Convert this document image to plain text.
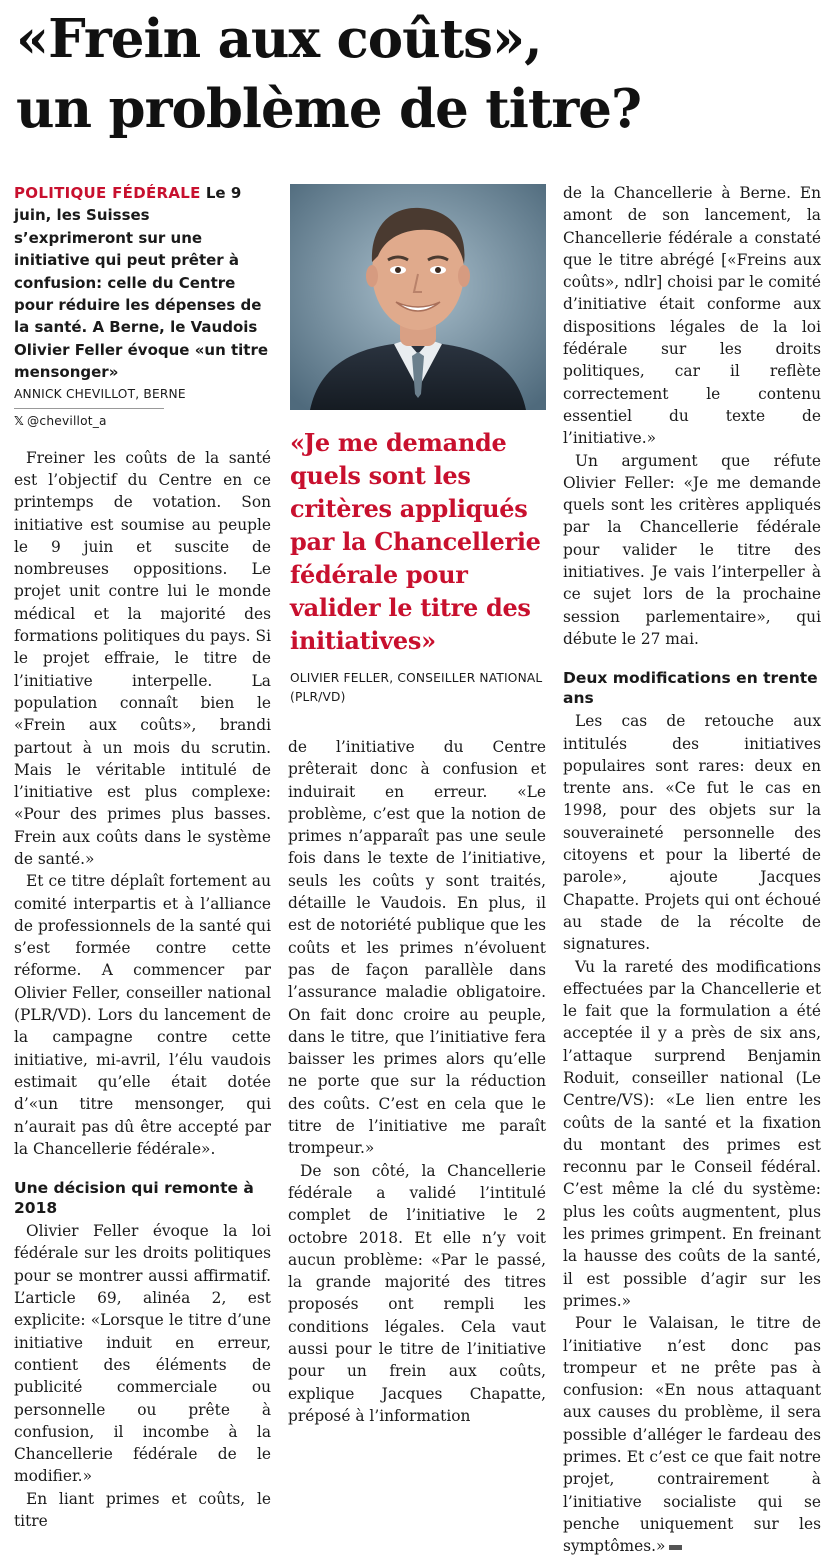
«Frein aux coûts»,
un problème de titre?

POLITIQUE FÉDÉRALE Le 9 juin, les Suisses s’exprimeront sur une initiative qui peut prêter à confusion: celle du Centre pour réduire les dépenses de la santé. A Berne, le Vaudois Olivier Feller évoque «un titre mensonger»

ANNICK CHEVILLOT, BERNE
𝕏 @chevillot_a

Freiner les coûts de la santé est l’objectif du Centre en ce printemps de votation. Son initiative est soumise au peuple le 9 juin et suscite de nombreuses oppositions. Le projet unit contre lui le monde médical et la majorité des formations politiques du pays. Si le projet effraie, le titre de l’initiative interpelle. La population connaît bien le «Frein aux coûts», brandi partout à un mois du scrutin. Mais le véritable intitulé de l’initiative est plus complexe: «Pour des primes plus basses. Frein aux coûts dans le système de santé.»

Et ce titre déplaît fortement au comité interpartis et à l’alliance de professionnels de la santé qui s’est formée contre cette réforme. A commencer par Olivier Feller, conseiller national (PLR/VD). Lors du lancement de la campagne contre cette initiative, mi-avril, l’élu vaudois estimait qu’elle était dotée d’«un titre mensonger, qui n’aurait pas dû être accepté par la Chancellerie fédérale».

Une décision qui remonte à 2018

Olivier Feller évoque la loi fédérale sur les droits politiques pour se montrer aussi affirmatif. L’article 69, alinéa 2, est explicite: «Lorsque le titre d’une initiative induit en erreur, contient des éléments de publicité commerciale ou personnelle ou prête à confusion, il incombe à la Chancellerie fédérale de le modifier.»

En liant primes et coûts, le titre

«Je me demande quels sont les critères appliqués par la Chancellerie fédérale pour valider le titre des initiatives»

OLIVIER FELLER, CONSEILLER NATIONAL (PLR/VD)

de l’initiative du Centre prêterait donc à confusion et induirait en erreur. «Le problème, c’est que la notion de primes n’apparaît pas une seule fois dans le texte de l’initiative, seuls les coûts y sont traités, détaille le Vaudois. En plus, il est de notoriété publique que les coûts et les primes n’évoluent pas de façon parallèle dans l’assurance maladie obligatoire. On fait donc croire au peuple, dans le titre, que l’initiative fera baisser les primes alors qu’elle ne porte que sur la réduction des coûts. C’est en cela que le titre de l’initiative me paraît trompeur.»

De son côté, la Chancellerie fédérale a validé l’intitulé complet de l’initiative le 2 octobre 2018. Et elle n’y voit aucun problème: «Par le passé, la grande majorité des titres proposés ont rempli les conditions légales. Cela vaut aussi pour le titre de l’initiative pour un frein aux coûts, explique Jacques Chapatte, préposé à l’information

de la Chancellerie à Berne. En amont de son lancement, la Chancellerie fédérale a constaté que le titre abrégé [«Freins aux coûts», ndlr] choisi par le comité d’initiative était conforme aux dispositions légales de la loi fédérale sur les droits politiques, car il reflète correctement le contenu essentiel du texte de l’initiative.»

Un argument que réfute Olivier Feller: «Je me demande quels sont les critères appliqués par la Chancellerie fédérale pour valider le titre des initiatives. Je vais l’interpeller à ce sujet lors de la prochaine session parlementaire», qui débute le 27 mai.

Deux modifications en trente ans

Les cas de retouche aux intitulés des initiatives populaires sont rares: deux en trente ans. «Ce fut le cas en 1998, pour des objets sur la souveraineté personnelle des citoyens et pour la liberté de parole», ajoute Jacques Chapatte. Projets qui ont échoué au stade de la récolte de signatures.

Vu la rareté des modifications effectuées par la Chancellerie et le fait que la formulation a été acceptée il y a près de six ans, l’attaque surprend Benjamin Roduit, conseiller national (Le Centre/VS): «Le lien entre les coûts de la santé et la fixation du montant des primes est reconnu par le Conseil fédéral. C’est même la clé du système: plus les coûts augmentent, plus les primes grimpent. En freinant la hausse des coûts de la santé, il est possible d’agir sur les primes.»

Pour le Valaisan, le titre de l’initiative n’est donc pas trompeur et ne prête pas à confusion: «En nous attaquant aux causes du problème, il sera possible d’alléger le fardeau des primes. Et c’est ce que fait notre projet, contrairement à l’initiative socialiste qui se penche uniquement sur les symptômes.»
